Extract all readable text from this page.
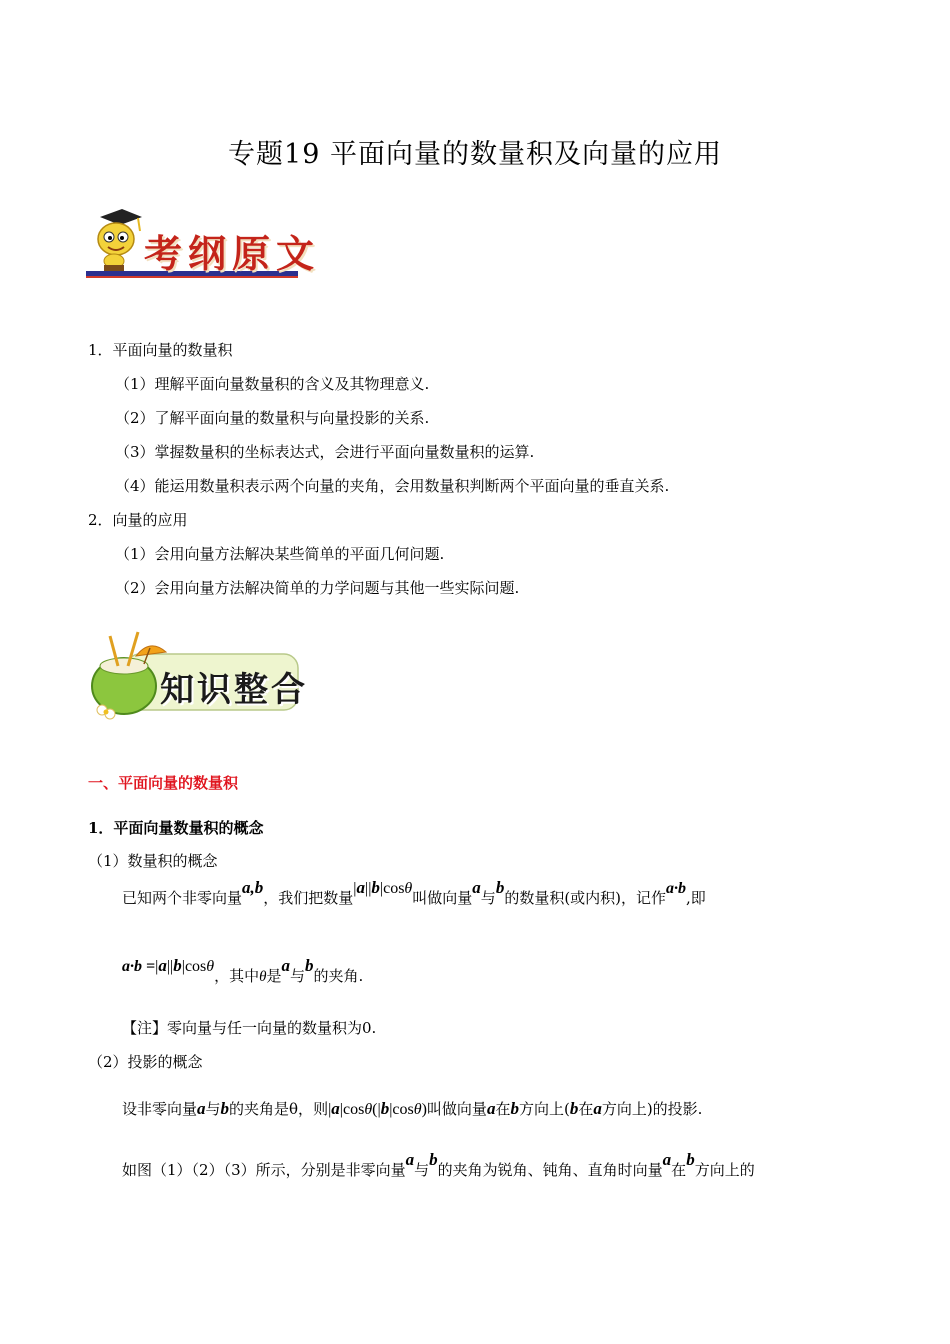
专题19 平面向量的数量积及向量的应用
考纲原文
1．平面向量的数量积
（1）理解平面向量数量积的含义及其物理意义.
（2）了解平面向量的数量积与向量投影的关系.
（3）掌握数量积的坐标表达式，会进行平面向量数量积的运算.
（4）能运用数量积表示两个向量的夹角，会用数量积判断两个平面向量的垂直关系.
2．向量的应用
（1）会用向量方法解决某些简单的平面几何问题.
（2）会用向量方法解决简单的力学问题与其他一些实际问题.
知识整合
一、平面向量的数量积
1．平面向量数量积的概念
（1）数量积的概念
已知两个非零向量a,b，我们把数量|a||b|cosθ叫做向量a与b的数量积(或内积)，记作a·b,即
a·b =|a||b|cosθ，其中θ是a与b的夹角.
【注】零向量与任一向量的数量积为0.
（2）投影的概念
设非零向量a与b的夹角是θ，则|a|cosθ(|b|cosθ)叫做向量a在b方向上(b在a方向上)的投影.
如图（1）（2）（3）所示，分别是非零向量a与b的夹角为锐角、钝角、直角时向量a在b方向上的
